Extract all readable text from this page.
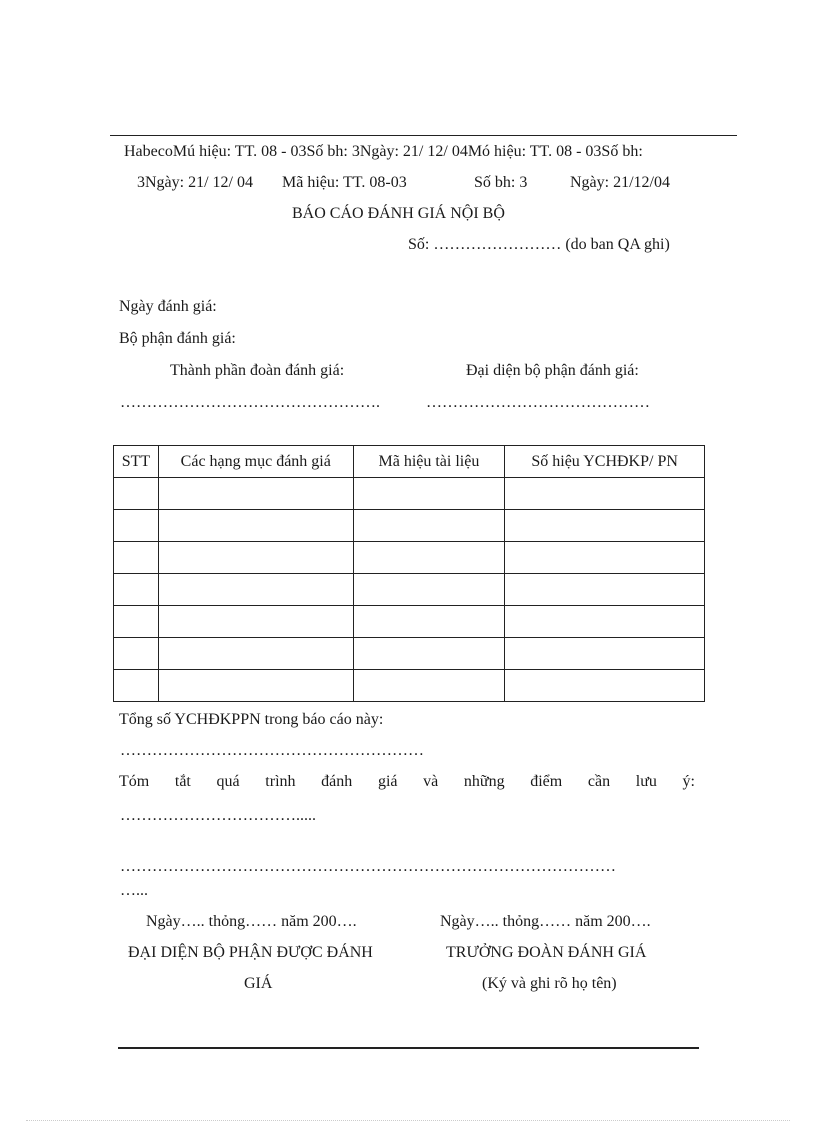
HabecoMú hiệu: TT. 08 - 03Số bh: 3Ngày: 21/ 12/ 04Mó hiệu: TT. 08 - 03Số bh:
3Ngày: 21/ 12/ 04 Mã hiệu: TT. 08-03	Số bh: 3	Ngày: 21/12/04
BÁO CÁO ĐÁNH GIÁ NỘI BỘ
Số: …………………… (do ban QA ghi)
Ngày đánh giá:
Bộ phận đánh giá:
Thành phần đoàn đánh giá:	Đại diện bộ phận đánh giá:
………………………………………….	……………………………………
STT	Các hạng mục đánh giá	Mã hiệu tài liệu	Số hiệu YCHĐKP/ PN

Tổng số YCHĐKPPN trong báo cáo này:
…………………………………………………
Tóm tắt quá trình đánh giá và những điểm cần lưu ý:
…………………………….....
…………………………………………………………………………………
…...
Ngày….. thỏng…… năm 200….	Ngày….. thỏng…… năm 200….
ĐẠI DIỆN BỘ PHẬN ĐƯỢC ĐÁNH	TRƯỞNG ĐOÀN ĐÁNH GIÁ
GIÁ	(Ký và ghi rõ họ tên)
